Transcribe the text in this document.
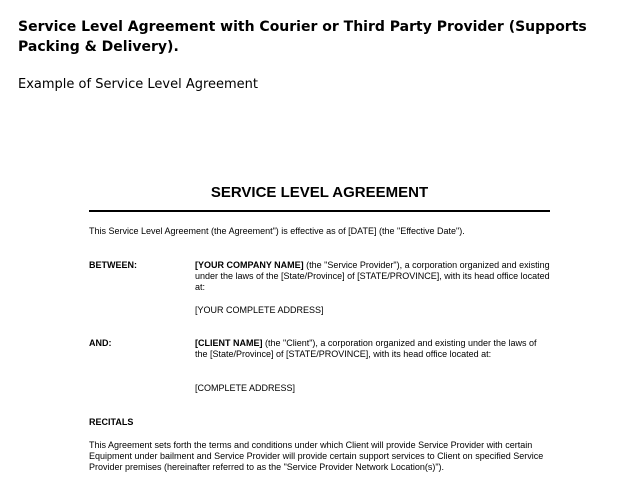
Service Level Agreement with Courier or Third Party Provider (Supports Packing & Delivery).
Example of Service Level Agreement
SERVICE LEVEL AGREEMENT
This Service Level Agreement (the Agreement") is effective as of [DATE] (the "Effective Date").
BETWEEN:	[YOUR COMPANY NAME] (the "Service Provider"), a corporation organized and existing under the laws of the [State/Province] of [STATE/PROVINCE], with its head office located at:
[YOUR COMPLETE ADDRESS]
AND:	[CLIENT NAME] (the "Client"), a corporation organized and existing under the laws of the [State/Province] of [STATE/PROVINCE], with its head office located at:
[COMPLETE ADDRESS]
RECITALS
This Agreement sets forth the terms and conditions under which Client will provide Service Provider with certain Equipment under bailment and Service Provider will provide certain support services to Client on specified Service Provider premises (hereinafter referred to as the "Service Provider Network Location(s)").
